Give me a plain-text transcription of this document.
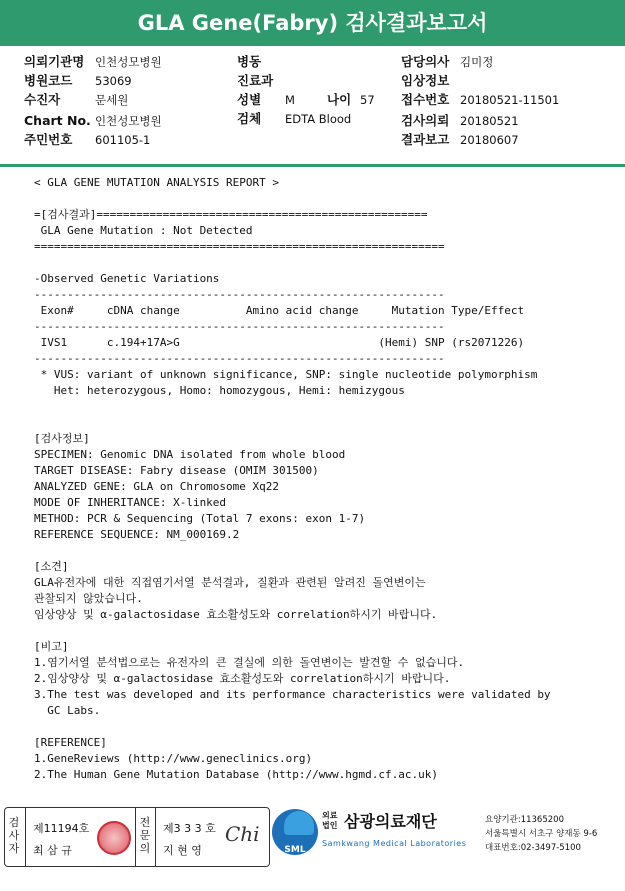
GLA Gene(Fabry) 검사결과보고서
의뢰기관명 인천성모병원
병원코드 53069
수진자	문세원
Chart No. 인천성모병원
주민번호 601105-1
병동
진료과
성별 M	나이 57
검체 EDTA Blood
담당의사 김미정
임상정보
접수번호 20180521-11501
검사의뢰 20180521
결과보고 20180607
< GLA GENE MUTATION ANALYSIS REPORT >
=[검사결과]==================================================
GLA Gene Mutation : Not Detected
==============================================================
-Observed Genetic Variations
--------------------------------------------------------------
Exon#     cDNA change          Amino acid change     Mutation Type/Effect
--------------------------------------------------------------
IVS1      c.194+17A>G                              (Hemi) SNP (rs2071226)
--------------------------------------------------------------
* VUS: variant of unknown significance, SNP: single nucleotide polymorphism
Het: heterozygous, Homo: homozygous, Hemi: hemizygous
[검사정보]
SPECIMEN: Genomic DNA isolated from whole blood
TARGET DISEASE: Fabry disease (OMIM 301500)
ANALYZED GENE: GLA on Chromosome Xq22
MODE OF INHERITANCE: X-linked
METHOD: PCR & Sequencing (Total 7 exons: exon 1-7)
REFERENCE SEQUENCE: NM_000169.2
[소견]
GLA유전자에 대한 직접염기서열 분석결과, 질환과 관련된 알려진 돌연변이는
관찰되지 않았습니다.
임상양상 및 α-galactosidase 효소활성도와 correlation하시기 바랍니다.
[비고]
1.염기서열 분석법으로는 유전자의 큰 결실에 의한 돌연변이는 발견할 수 없습니다.
2.임상양상 및 α-galactosidase 효소활성도와 correlation하시기 바랍니다.
3.The test was developed and its performance characteristics were validated by
GC Labs.
[REFERENCE]
1.GeneReviews (http://www.geneclinics.org)
2.The Human Gene Mutation Database (http://www.hgmd.cf.ac.uk)
검
사
자
제11194호
최 삼 규
전
문
의
제3 3 3 호
지 현 영
Chi
SML
외료
법인 삼광의료재단
Samkwang Medical Laboratories
요양기관:11365200
서울특별시 서초구 양재동 9-6
대표번호:02-3497-5100
